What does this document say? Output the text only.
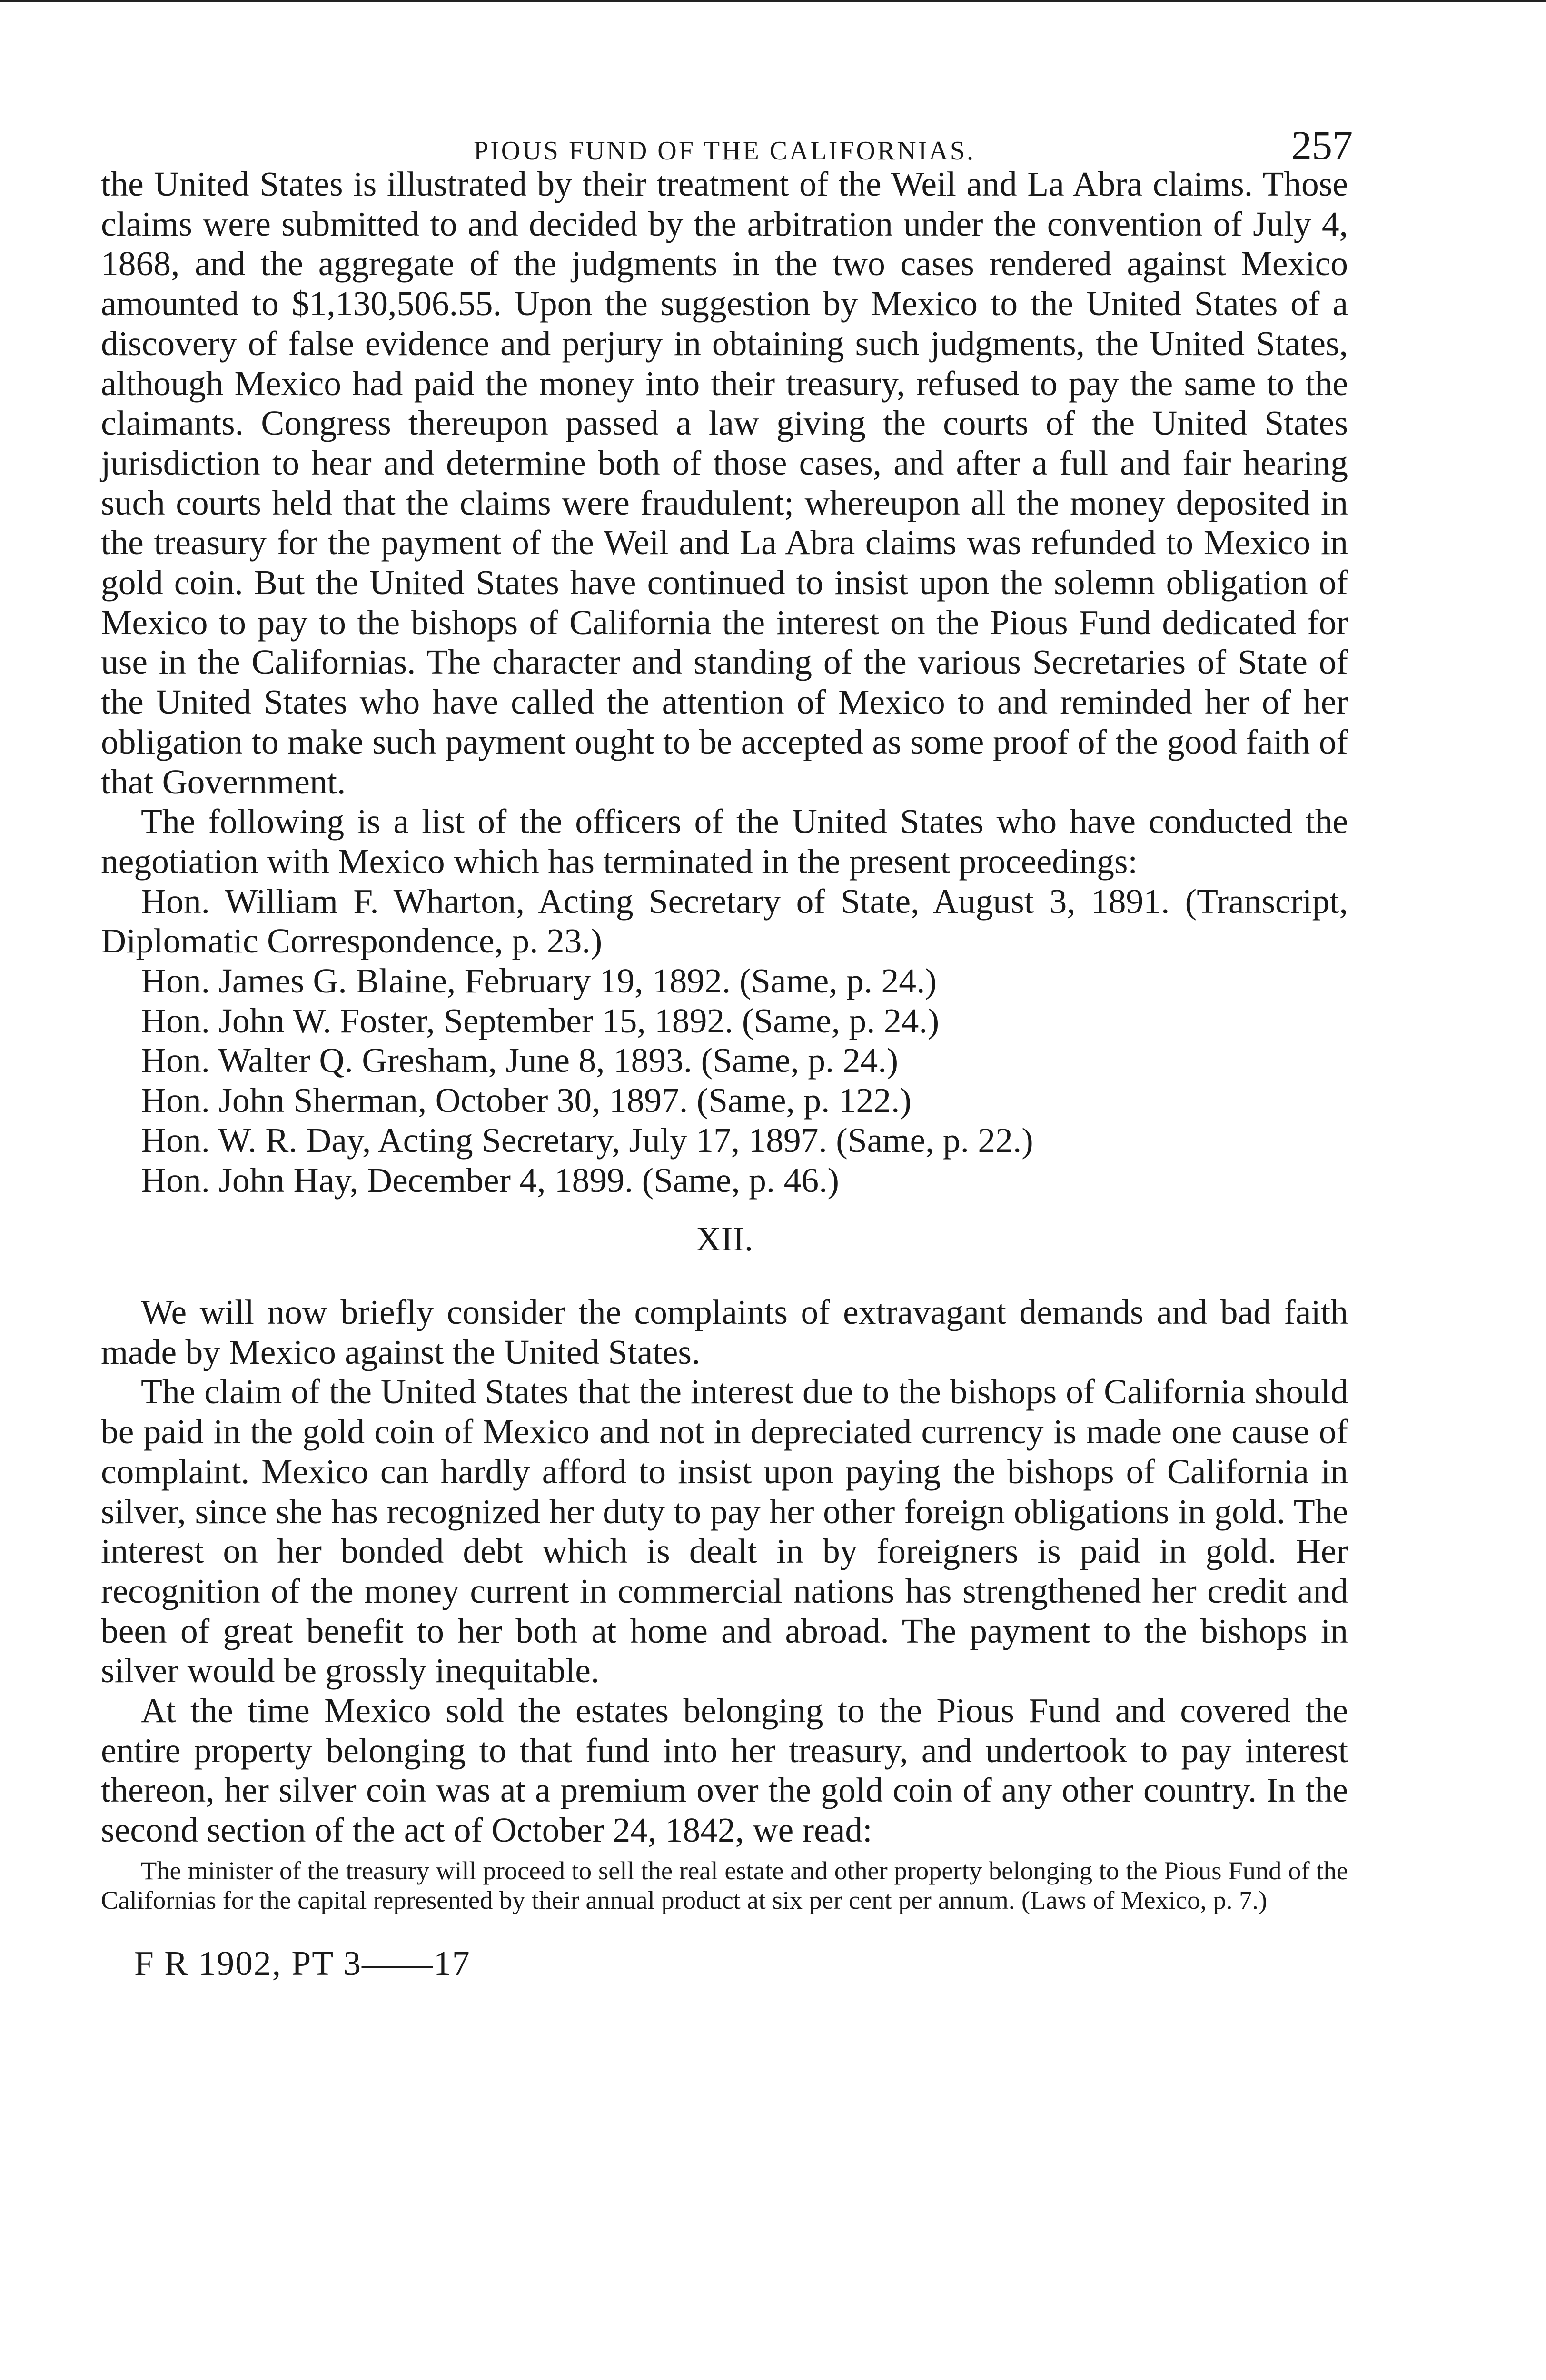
PIOUS FUND OF THE CALIFORNIAS.	257

the United States is illustrated by their treatment of the Weil and La Abra claims. Those claims were submitted to and decided by the arbitration under the convention of July 4, 1868, and the aggregate of the judgments in the two cases rendered against Mexico amounted to $1,130,506.55. Upon the suggestion by Mexico to the United States of a discovery of false evidence and perjury in obtaining such judgments, the United States, although Mexico had paid the money into their treasury, refused to pay the same to the claimants. Congress thereupon passed a law giving the courts of the United States jurisdiction to hear and determine both of those cases, and after a full and fair hearing such courts held that the claims were fraudulent; whereupon all the money deposited in the treasury for the payment of the Weil and La Abra claims was refunded to Mexico in gold coin. But the United States have continued to insist upon the solemn obligation of Mexico to pay to the bishops of California the interest on the Pious Fund dedicated for use in the Californias. The character and standing of the various Secretaries of State of the United States who have called the attention of Mexico to and reminded her of her obligation to make such payment ought to be accepted as some proof of the good faith of that Government.

The following is a list of the officers of the United States who have conducted the negotiation with Mexico which has terminated in the present proceedings:

Hon. William F. Wharton, Acting Secretary of State, August 3, 1891. (Transcript, Diplomatic Correspondence, p. 23.)

Hon. James G. Blaine, February 19, 1892. (Same, p. 24.)

Hon. John W. Foster, September 15, 1892. (Same, p. 24.)

Hon. Walter Q. Gresham, June 8, 1893. (Same, p. 24.)

Hon. John Sherman, October 30, 1897. (Same, p. 122.)

Hon. W. R. Day, Acting Secretary, July 17, 1897. (Same, p. 22.)

Hon. John Hay, December 4, 1899. (Same, p. 46.)

XII.

We will now briefly consider the complaints of extravagant demands and bad faith made by Mexico against the United States.

The claim of the United States that the interest due to the bishops of California should be paid in the gold coin of Mexico and not in depreciated currency is made one cause of complaint. Mexico can hardly afford to insist upon paying the bishops of California in silver, since she has recognized her duty to pay her other foreign obligations in gold. The interest on her bonded debt which is dealt in by foreigners is paid in gold. Her recognition of the money current in commercial nations has strengthened her credit and been of great benefit to her both at home and abroad. The payment to the bishops in silver would be grossly inequitable.

At the time Mexico sold the estates belonging to the Pious Fund and covered the entire property belonging to that fund into her treasury, and undertook to pay interest thereon, her silver coin was at a premium over the gold coin of any other country. In the second section of the act of October 24, 1842, we read:

The minister of the treasury will proceed to sell the real estate and other property belonging to the Pious Fund of the Californias for the capital represented by their annual product at six per cent per annum. (Laws of Mexico, p. 7.)

F R 1902, PT 3——17
